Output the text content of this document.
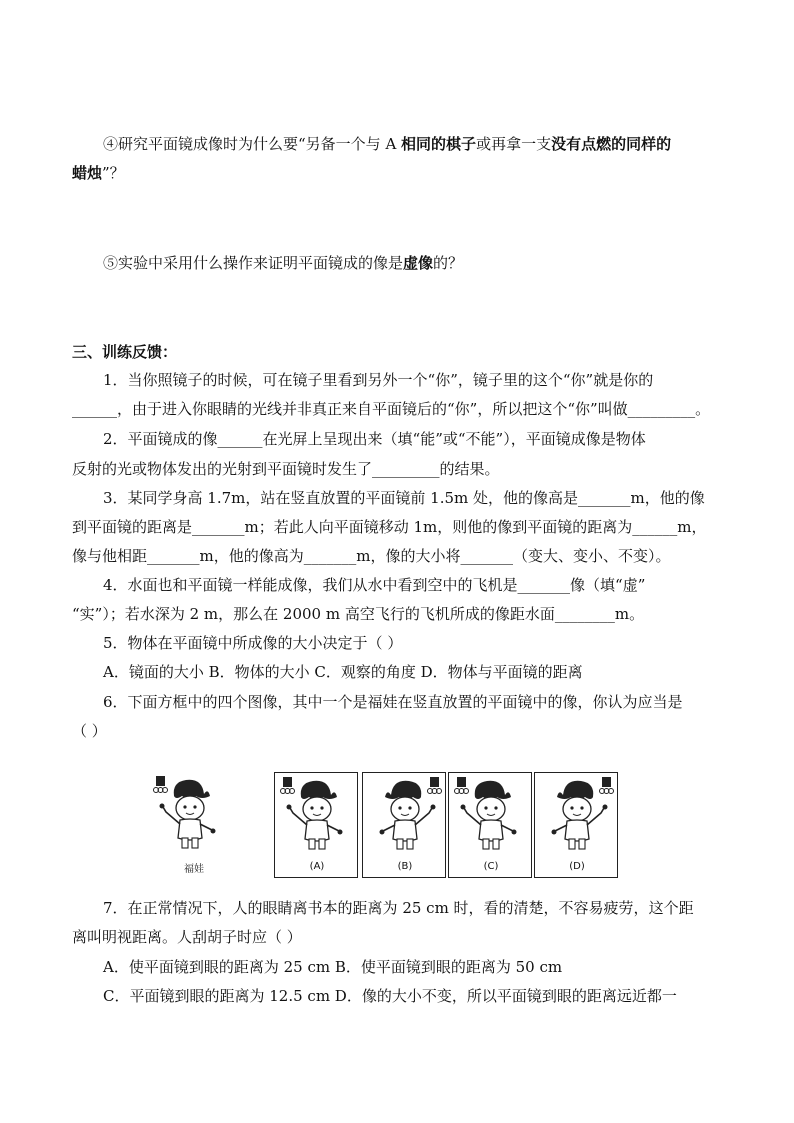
④研究平面镜成像时为什么要“另备一个与 A 相同的棋子或再拿一支没有点燃的同样的
蜡烛”？
⑤实验中采用什么操作来证明平面镜成的像是虚像的？
三、训练反馈：
1．当你照镜子的时候，可在镜子里看到另外一个“你”，镜子里的这个“你”就是你的
______，由于进入你眼睛的光线并非真正来自平面镜后的“你”，所以把这个“你”叫做_________。
2．平面镜成的像______在光屏上呈现出来（填“能”或“不能”），平面镜成像是物体
反射的光或物体发出的光射到平面镜时发生了_________的结果。
3．某同学身高 1.7m，站在竖直放置的平面镜前 1.5m 处，他的像高是_______m，他的像
到平面镜的距离是_______m；若此人向平面镜移动 1m，则他的像到平面镜的距离为______m，
像与他相距_______m，他的像高为_______m，像的大小将_______（变大、变小、不变）。
4．水面也和平面镜一样能成像，我们从水中看到空中的飞机是_______像（填“虚”
“实”）；若水深为 2 m，那么在 2000 m 高空飞行的飞机所成的像距水面________m。
5．物体在平面镜中所成像的大小决定于（ ）
A．镜面的大小 B．物体的大小 C．观察的角度 D．物体与平面镜的距离
6．下面方框中的四个图像，其中一个是福娃在竖直放置的平面镜中的像，你认为应当是
（ ）
福娃	(A)	(B)	(C)	(D)
7．在正常情况下，人的眼睛离书本的距离为 25 cm 时，看的清楚，不容易疲劳，这个距
离叫明视距离。人刮胡子时应（ ）
A．使平面镜到眼的距离为 25 cm B．使平面镜到眼的距离为 50 cm
C．平面镜到眼的距离为 12.5 cm D．像的大小不变，所以平面镜到眼的距离远近都一
